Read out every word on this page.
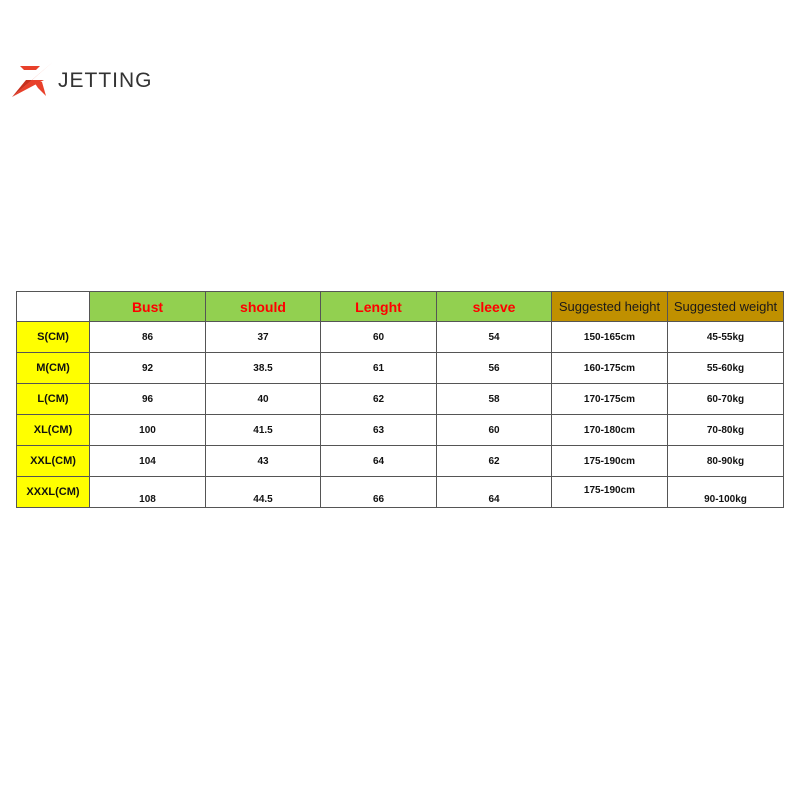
JETTING
	Bust	should	Lenght	sleeve	Suggested height	Suggested weight
S(CM)	86	37	60	54	150-165cm	45-55kg
M(CM)	92	38.5	61	56	160-175cm	55-60kg
L(CM)	96	40	62	58	170-175cm	60-70kg
XL(CM)	100	41.5	63	60	170-180cm	70-80kg
XXL(CM)	104	43	64	62	175-190cm	80-90kg
XXXL(CM)	108	44.5	66	64	175-190cm	90-100kg
